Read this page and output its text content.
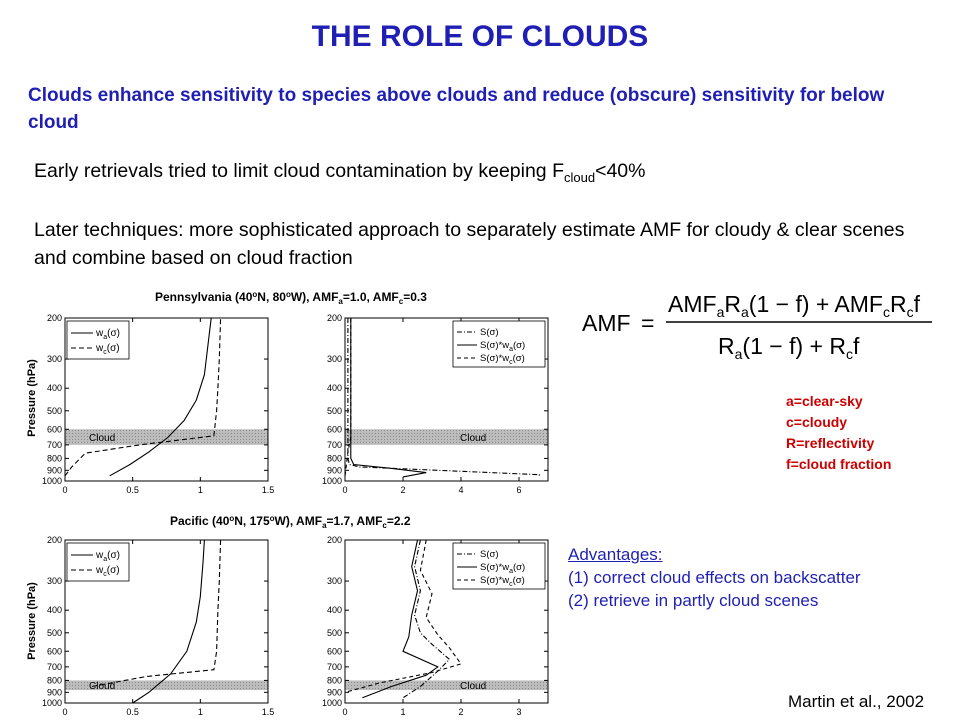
THE ROLE OF CLOUDS
Clouds enhance sensitivity to species above clouds and reduce (obscure) sensitivity for below cloud
Early retrievals tried to limit cloud contamination by keeping $F_{cloud}<40\%$
Later techniques: more sophisticated approach to separately estimate AMF for cloudy & clear scenes and combine based on cloud fraction
Pennsylvania (40$^o$N, 80$^o$W), $AMF_a=1.0$, $AMF_c=0.3$
Pacific (40$^o$N, 175$^o$W), $AMF_a=1.7$, $AMF_c=2.2$
Pressure (hPa)
Pressure (hPa)
Cloud
200
300
400
500
600
700
800
900
1000
0	0.5	1	1.5
$w_a(\sigma)$
$w_c(\sigma)$
Cloud
200
300
400
500
600
700
800
900
1000
0	2	4	6
S(σ)
$S(\sigma)*w_a(\sigma)$
$S(\sigma)*w_c(\sigma)$
Cloud
200
300
400
500
600
700
800
900
1000
0	0.5	1	1.5
$w_a(\sigma)$
$w_c(\sigma)$
Cloud
200
300
400
500
600
700
800
900
1000
0	1	2	3
S(σ)
$S(\sigma)*w_a(\sigma)$
$S(\sigma)*w_c(\sigma)$
AMF =
$AMF_aR_a(1 - f) + AMF_cR_cf$
$R_a(1 - f) + R_cf$
a=clear-sky
c=cloudy
R=reflectivity
f=cloud fraction
Advantages:
(1) correct cloud effects on backscatter
(2) retrieve in partly cloud scenes
Martin et al., 2002
